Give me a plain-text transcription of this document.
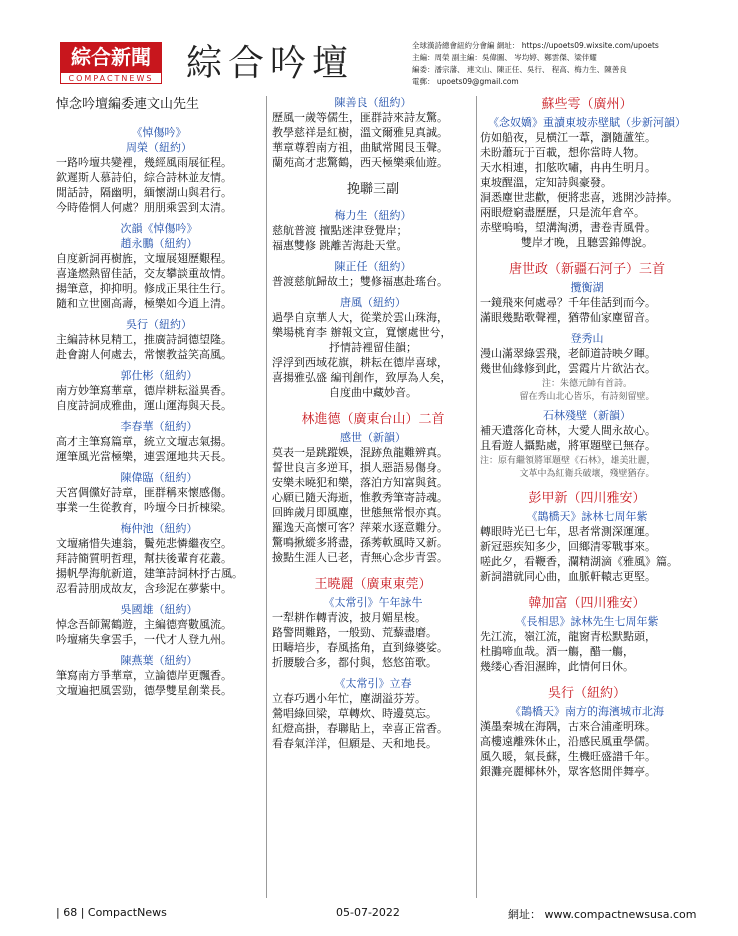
綜合新聞
COMPACTNEWS 綜合吟壇	全球漢詩總會紐約分會編 網址： https://upoets09.wixsite.com/upoets
主編：周榮 副主編：吳偉圖、 岑均婷、鄭雲傑、梁伴耀
編委：潘宗藩、 連文山、陳正任、吳行、 程高、梅力生、陳善良
電郵： upoets09@gmail.com
悼念吟壇編委連文山先生
《悼傷吟》
周榮（紐約）
一路吟壇共變裡，幾經風雨展征程。
欽遲斯人慕詩伯，綜合詩林並友情。
閒話詩，隔幽明，緬懷湖山與君行。
今時倦惘人何處？朋朋乘雲到太清。
次韻《悼傷吟》
趙永鵬（紐約）
自度新詞再樹旌，文壇展翅歷艱程。
喜逢燃熱留佳話，交友攀談重故情。
揚筆意，抑抑明。修成正果往生行。
隨和立世園高壽，極樂如今逍上清。
吳行（紐約）
主編詩林見精工，推廣詩詞德望隆。
赴會謝人何處去，常懷教益笑高風。
郭仕彬（紐約）
南方妙筆寫華章，德岸耕耘溢異香。
自度詩詞成雅曲，運山運海與天長。
李春華（紐約）
高才主筆寫篇章，統立文壇志氣揚。
運筆風光當極樂，連雲運地共天長。
陳偉臨（紐約）
天宮倜儻好詩章，匪群稱來懷感傷。
事業一生從教育，吟壇今日折棟梁。
梅仲池（紐約）
文壇痛惜失連翁，鬢苑悲憐繼夜空。
拜詩簡質明哲理，幫扶後輩育花叢。
揚帆學海航新道，建筆詩詞林抒古風。
忍看詩朋成故友，含珍泥在夢紫中。
吳國雄（紐約）
悼念吾師駕鶴遊，主編德齊數風流。
吟壇痛失拿雲手，一代才人登九州。
陳燕葉（紐約）
筆寫南方爭華章，立論德岸更飄香。
文壇遍把風雲勁，德學雙星創業長。
陳善良（紐約）
歷風一歲等儒生，匪群詩來詩友驚。
教學慈祥是紅樹，溫文爾雅見真誠。
華章尊碧南方祖，曲賦常聞艮玉聲。
蘭苑高才悲驚鶴，西天極樂乘仙遊。
挽聯三副
梅力生（紐約）
慈航普渡 擅點迷津登覺岸；
福惠雙修 跳離苦海赴天堂。
陳正任（紐約）
普渡慈航歸故土；雙修福惠赴瑤台。
唐風（紐約）
過學自京華人大，從業於雲山珠海，
樂場桃育李 辦報文宣，寬懷處世兮，
抒情詩裡留佳韻；
浮浮到西域花旗，耕耘在德岸喜球，
喜揚雅弘盛 編刊創作，致厚為人矣，
自度曲中藏妙音。
林進德（廣東台山）二首
感世（新韻）
莫表一是跳蹤娛，混跡魚龍難辨真。
誓世良言多逆耳，損人惡語易傷身。
安樂未曉犯和樂，落泊方知富與貧。
心願已隨天海逝，惟教秀筆寄詩魂。
回眸歲月即風塵，世態無常恨亦真。
羅逸天高懷可客？萍萊水逐意難分。
驚鳴揪縱多將盡，孫莠軟風時又新。
撿點生涯人已老，青無心念步青雲。
王曉麗（廣東東莞）
《太常引》午年詠牛
一犁耕作轉青波，披月媚星梭。
路警問難路，一般勁、荒藜盡磨。
田疇培步，春風搖角，直到綠婆娑。
折腰駿合多，都付與，悠悠笛歌。
《太常引》立春
立春巧遇小年忙，塵湖溢芬芳。
鶯唱綠回梁，草轉炊、時邊莫忘。
紅燈高掛，春聯貼上，幸喜正當香。
看春氣洋洋，但願是、天和地長。
蘇些雩（廣州）
《念奴嬌》重讀東坡赤壁賦（步新河韻）
仿如船夜，見横江一葦，瀏隨蘆笙。
未盼蕭玩于百載，想你當時人物。
天水相連，扣舷吹嘯，冉冉生明月。
東坡醒溫，定知詩與豪發。
洞悉塵世悲歡，便將悲喜，逃開沙詩捧。
兩眼燈窮盡歷歷，只是流年倉卒。
赤壁嗚嗚，望溝淘湧，書卷青風骨。
雙岸才晚，且聽雲錦傳說。
唐世政（新疆石河子）三首
攬衡湖
一鏡飛來何處尋？千年佳話到而今。
滿眼幾點歌聲裡，猶帶仙家塵留音。
登秀山
漫山滿翠綠雲飛，老師道詩映夕暉。
幾世仙緣修到此，雲霞片片欲沾衣。
注：朱德元帥有首詩。
留在秀山北心皆乐，有詩刻留壁。
石林殘壁（新韻）
補天遺落化奇林，大愛人間永故心。
且看遊人攝點處，將軍題壁已無存。
注：原有繼領將軍題壁《石林》，雄美壯麗，
文革中為紅衛兵破壞，殘壁猶存。
彭甲新（四川雅安）
《鵲橋天》詠林七周年紫
轉眼時光已七年，思者常測深運運。
新冠惡疾知多少，回鄉清零戰事來。
嗟此夕，看鞭香，瀾精湖滴《雅風》篇。
新詞譜就同心曲，血脈軒轅志更堅。
韓加富（四川雅安）
《長相思》詠林先生七周年紫
先江流，嶺江流，龍窗青松默點頭，
杜鵑啼血哉。酒一觴，醋一觴，
幾缕心香泪濕眸，此情何日休。
吳行（紐約）
《鵲橋天》南方的海濱城市北海
漢墨秦城在海隅，古來合浦產明珠。
高樓遠離殊休止，沿感民風重學儒。
風久暖，氣長蘇，生機旺盛譜千年。
銀灘亮麗椰林外，眾客悠閒伴舞亭。
| 68 | CompactNews	05-07-2022	網址： www.compactnewsusa.com
